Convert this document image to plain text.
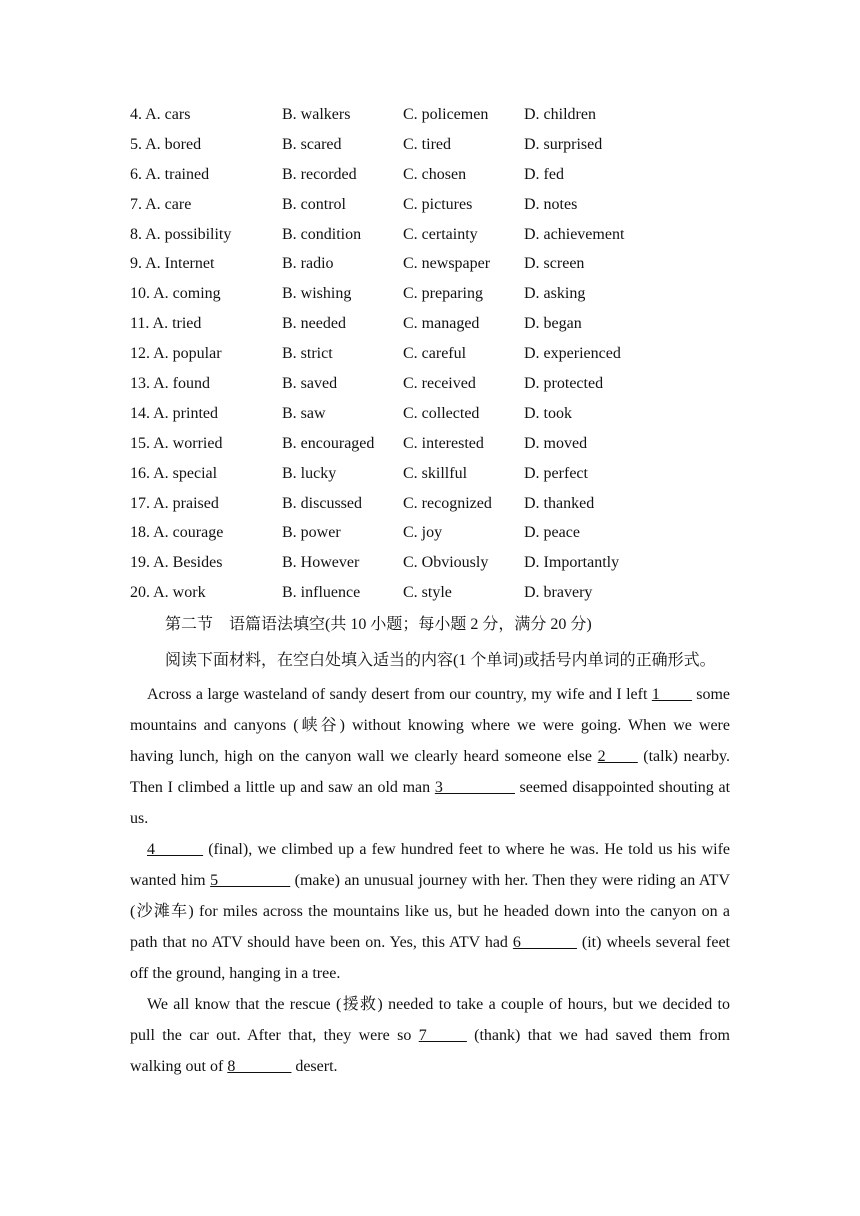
4. A. cars	B. walkers	C. policemen D. children
5. A. bored	B. scared	C. tired	D. surprised
6. A. trained	B. recorded	C. chosen	D. fed
7. A. care	B. control	C. pictures	D. notes
8. A. possibility	B. condition	C. certainty	D. achievement
9. A. Internet	B. radio	C. newspaper D. screen
10. A. coming	B. wishing	C. preparing	D. asking
11. A. tried	B. needed	C. managed	D. began
12. A. popular	B. strict	C. careful	D. experienced
13. A. found	B. saved	C. received	D. protected
14. A. printed	B. saw	C. collected	D. took
15. A. worried	B. encouraged C. interested	D. moved
16. A. special	B. lucky	C. skillful	D. perfect
17. A. praised	B. discussed	C. recognized D. thanked
18. A. courage	B. power	C. joy	D. peace
19. A. Besides	B. However	C. Obviously D. Importantly
20. A. work	B. influence	C. style	D. bravery
第二节　语篇语法填空(共 10 小题；每小题 2 分，满分 20 分)

阅读下面材料，在空白处填入适当的内容(1 个单词)或括号内单词的正确形式。

Across a large wasteland of sandy desert from our country, my wife and I left 1____ some mountains and canyons (峡谷) without knowing where we were going. When we were having lunch, high on the canyon wall we clearly heard someone else 2____ (talk) nearby. Then I climbed a little up and saw an old man 3_________ seemed disappointed shouting at us.

4______ (final), we climbed up a few hundred feet to where he was. He told us his wife wanted him 5_________ (make) an unusual journey with her. Then they were riding an ATV (沙滩车) for miles across the mountains like us, but he headed down into the canyon on a path that no ATV should have been on. Yes, this ATV had 6_______ (it) wheels several feet off the ground, hanging in a tree.

We all know that the rescue (援救) needed to take a couple of hours, but we decided to pull the car out. After that, they were so 7_____ (thank) that we had saved them from walking out of 8_______ desert.
